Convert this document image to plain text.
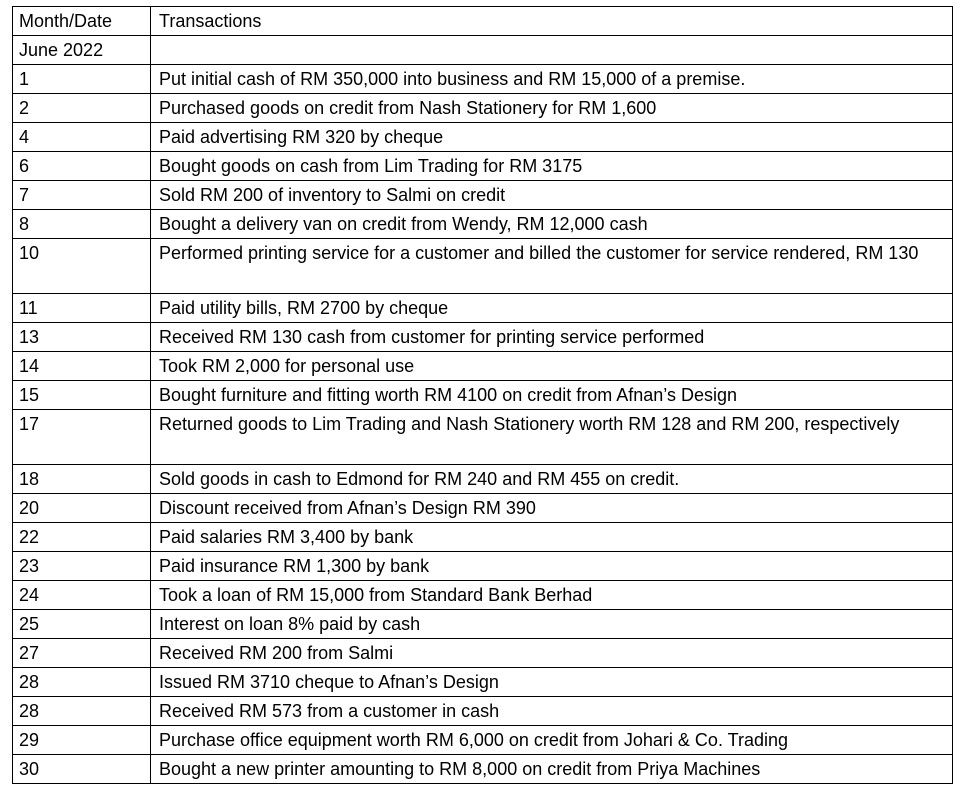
Month/Date	Transactions
June 2022	
1	Put initial cash of RM 350,000 into business and RM 15,000 of a premise.
2	Purchased goods on credit from Nash Stationery for RM 1,600
4	Paid advertising RM 320 by cheque
6	Bought goods on cash from Lim Trading for RM 3175
7	Sold RM 200 of inventory to Salmi on credit
8	Bought a delivery van on credit from Wendy, RM 12,000 cash
10	Performed printing service for a customer and billed the customer for service rendered, RM 130
11	Paid utility bills, RM 2700 by cheque
13	Received RM 130 cash from customer for printing service performed
14	Took RM 2,000 for personal use
15	Bought furniture and fitting worth RM 4100 on credit from Afnan’s Design
17	Returned goods to Lim Trading and Nash Stationery worth RM 128 and RM 200, respectively
18	Sold goods in cash to Edmond for RM 240 and RM 455 on credit.
20	Discount received from Afnan’s Design RM 390
22	Paid salaries RM 3,400 by bank
23	Paid insurance RM 1,300 by bank
24	Took a loan of RM 15,000 from Standard Bank Berhad
25	Interest on loan 8% paid by cash
27	Received RM 200 from Salmi
28	Issued RM 3710 cheque to Afnan’s Design
28	Received RM 573 from a customer in cash
29	Purchase office equipment worth RM 6,000 on credit from Johari & Co. Trading
30	Bought a new printer amounting to RM 8,000 on credit from Priya Machines
